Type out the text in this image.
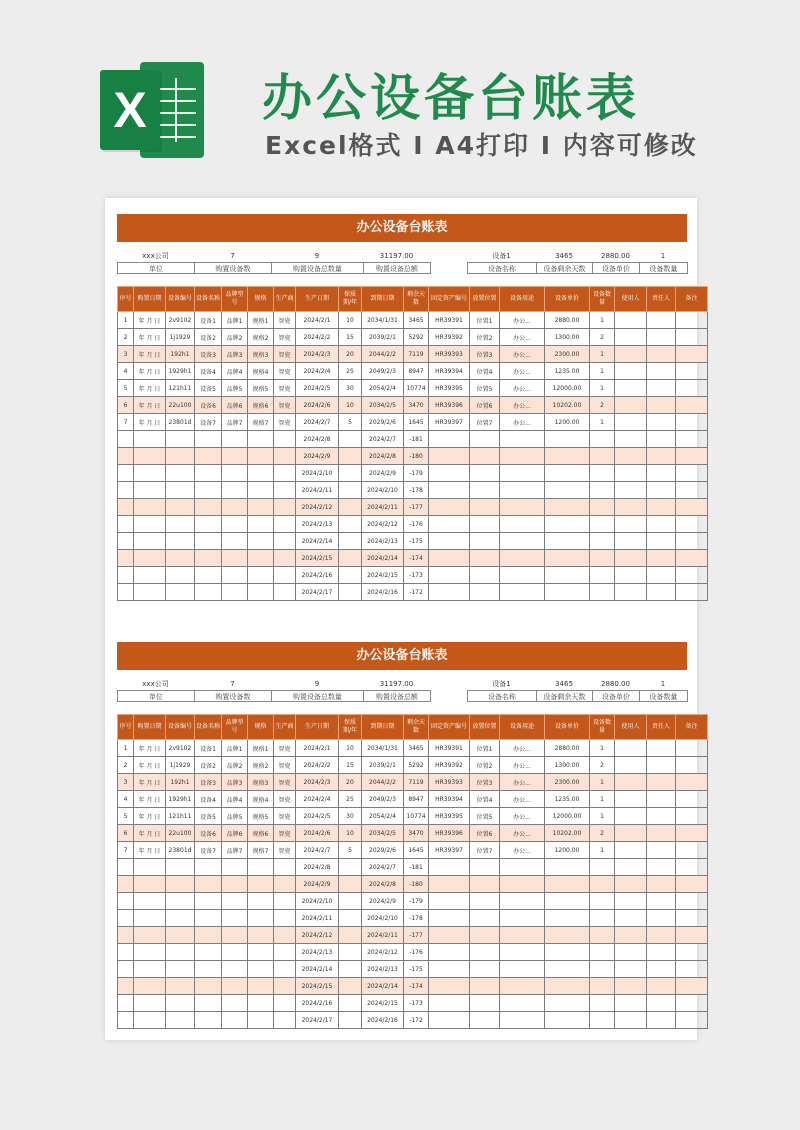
X 办公设备台账表
Excel格式 I A4打印 I 内容可修改
办公设备台账表
xxx公司	7	9	31197.00
单位	购置设备数	购置设备总数量	购置设备总额
设备1	3465	2880.00	1
设备名称	设备剩余天数	设备单价	设备数量
序号	购置日期	设备编号	设备名称	品牌型号	规格	生产商	生产日期	保质期/年	到期日期	剩余天数	固定资产编号	放置位置	设备用途	设备单价	设备数量	使用人	责任人	备注
1	年 月 日	2v9102	设备1	品牌1	规格1	智瓷	2024/2/1	10	2034/1/31	3465	HR39391	位置1	办公...	2880.00	1			
2	年 月 日	1j1929	设备2	品牌2	规格2	智瓷	2024/2/2	15	2039/2/1	5292	HR39392	位置2	办公...	1300.00	2			
3	年 月 日	192h1	设备3	品牌3	规格3	智瓷	2024/2/3	20	2044/2/2	7119	HR39393	位置3	办公...	2300.00	1			
4	年 月 日	1929h1	设备4	品牌4	规格4	智瓷	2024/2/4	25	2049/2/3	8947	HR39394	位置4	办公...	1235.00	1			
5	年 月 日	121h11	设备5	品牌5	规格5	智瓷	2024/2/5	30	2054/2/4	10774	HR39395	位置5	办公...	12000.00	1			
6	年 月 日	22u100	设备6	品牌6	规格6	智瓷	2024/2/6	10	2034/2/5	3470	HR39396	位置6	办公...	10202.00	2			
7	年 月 日	23801d	设备7	品牌7	规格7	智瓷	2024/2/7	5	2029/2/6	1645	HR39397	位置7	办公...	1200.00	1			
							2024/2/8		2024/2/7	-181								
							2024/2/9		2024/2/8	-180								
							2024/2/10		2024/2/9	-179								
							2024/2/11		2024/2/10	-178								
							2024/2/12		2024/2/11	-177								
							2024/2/13		2024/2/12	-176								
							2024/2/14		2024/2/13	-175								
							2024/2/15		2024/2/14	-174								
							2024/2/16		2024/2/15	-173								
							2024/2/17		2024/2/16	-172								
办公设备台账表
xxx公司	7	9	31197.00
单位	购置设备数	购置设备总数量	购置设备总额
设备1	3465	2880.00	1
设备名称	设备剩余天数	设备单价	设备数量
序号	购置日期	设备编号	设备名称	品牌型号	规格	生产商	生产日期	保质期/年	到期日期	剩余天数	固定资产编号	放置位置	设备用途	设备单价	设备数量	使用人	责任人	备注
1	年 月 日	2v9102	设备1	品牌1	规格1	智瓷	2024/2/1	10	2034/1/31	3465	HR39391	位置1	办公...	2880.00	1			
2	年 月 日	1j1929	设备2	品牌2	规格2	智瓷	2024/2/2	15	2039/2/1	5292	HR39392	位置2	办公...	1300.00	2			
3	年 月 日	192h1	设备3	品牌3	规格3	智瓷	2024/2/3	20	2044/2/2	7119	HR39393	位置3	办公...	2300.00	1			
4	年 月 日	1929h1	设备4	品牌4	规格4	智瓷	2024/2/4	25	2049/2/3	8947	HR39394	位置4	办公...	1235.00	1			
5	年 月 日	121h11	设备5	品牌5	规格5	智瓷	2024/2/5	30	2054/2/4	10774	HR39395	位置5	办公...	12000.00	1			
6	年 月 日	22u100	设备6	品牌6	规格6	智瓷	2024/2/6	10	2034/2/5	3470	HR39396	位置6	办公...	10202.00	2			
7	年 月 日	23801d	设备7	品牌7	规格7	智瓷	2024/2/7	5	2029/2/6	1645	HR39397	位置7	办公...	1200.00	1			
							2024/2/8		2024/2/7	-181								
							2024/2/9		2024/2/8	-180								
							2024/2/10		2024/2/9	-179								
							2024/2/11		2024/2/10	-178								
							2024/2/12		2024/2/11	-177								
							2024/2/13		2024/2/12	-176								
							2024/2/14		2024/2/13	-175								
							2024/2/15		2024/2/14	-174								
							2024/2/16		2024/2/15	-173								
							2024/2/17		2024/2/16	-172								
